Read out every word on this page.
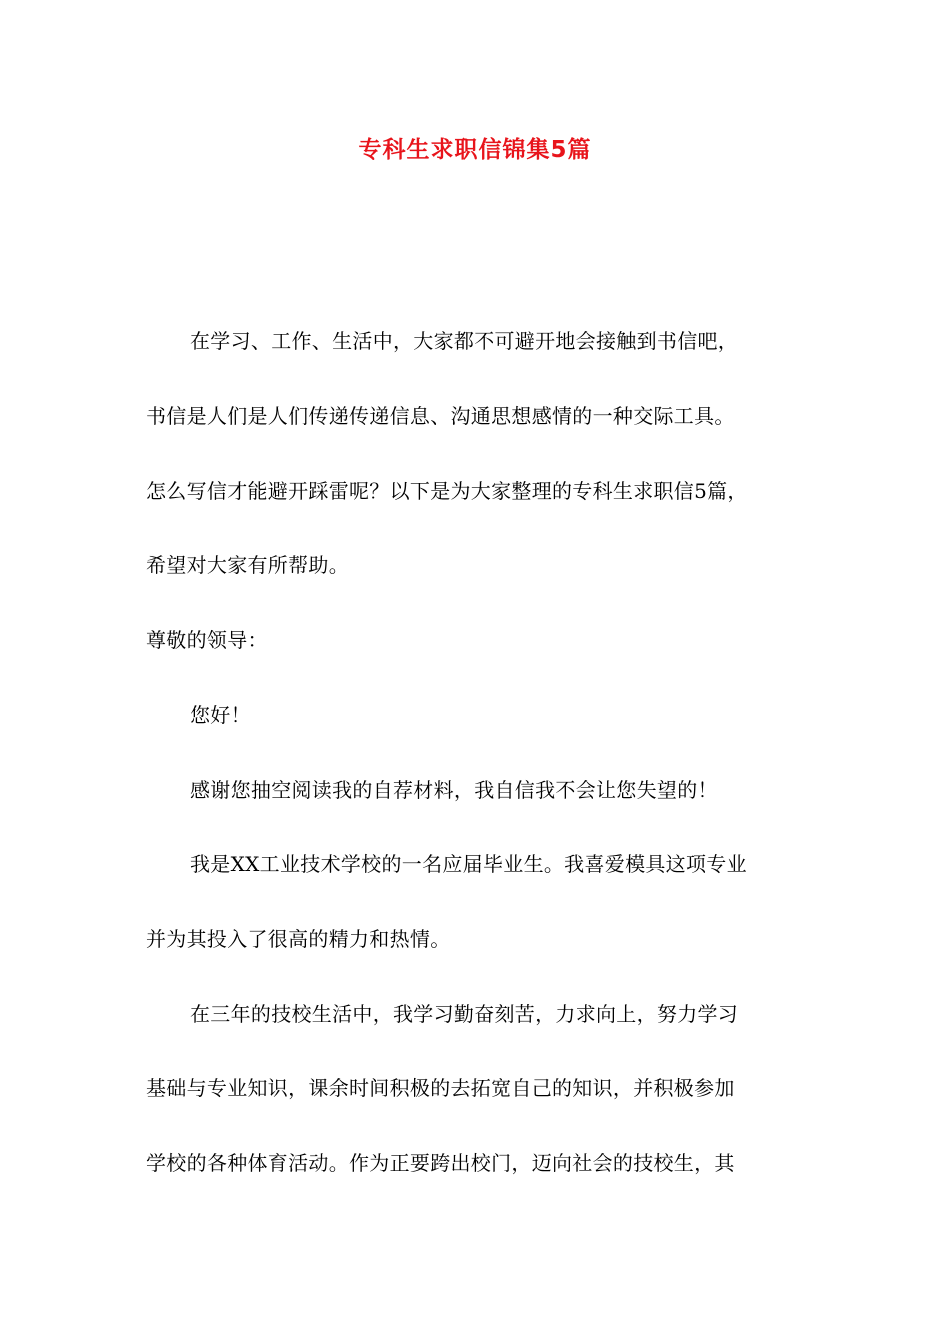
专科生求职信锦集5篇
在学习、工作、生活中，大家都不可避开地会接触到书信吧，
书信是人们是人们传递传递信息、沟通思想感情的一种交际工具。
怎么写信才能避开踩雷呢？以下是为大家整理的专科生求职信5篇，
希望对大家有所帮助。
尊敬的领导：
您好！
感谢您抽空阅读我的自荐材料，我自信我不会让您失望的！
我是XX工业技术学校的一名应届毕业生。我喜爱模具这项专业
并为其投入了很高的精力和热情。
在三年的技校生活中，我学习勤奋刻苦，力求向上，努力学习
基础与专业知识，课余时间积极的去拓宽自己的知识，并积极参加
学校的各种体育活动。作为正要跨出校门，迈向社会的技校生，其
